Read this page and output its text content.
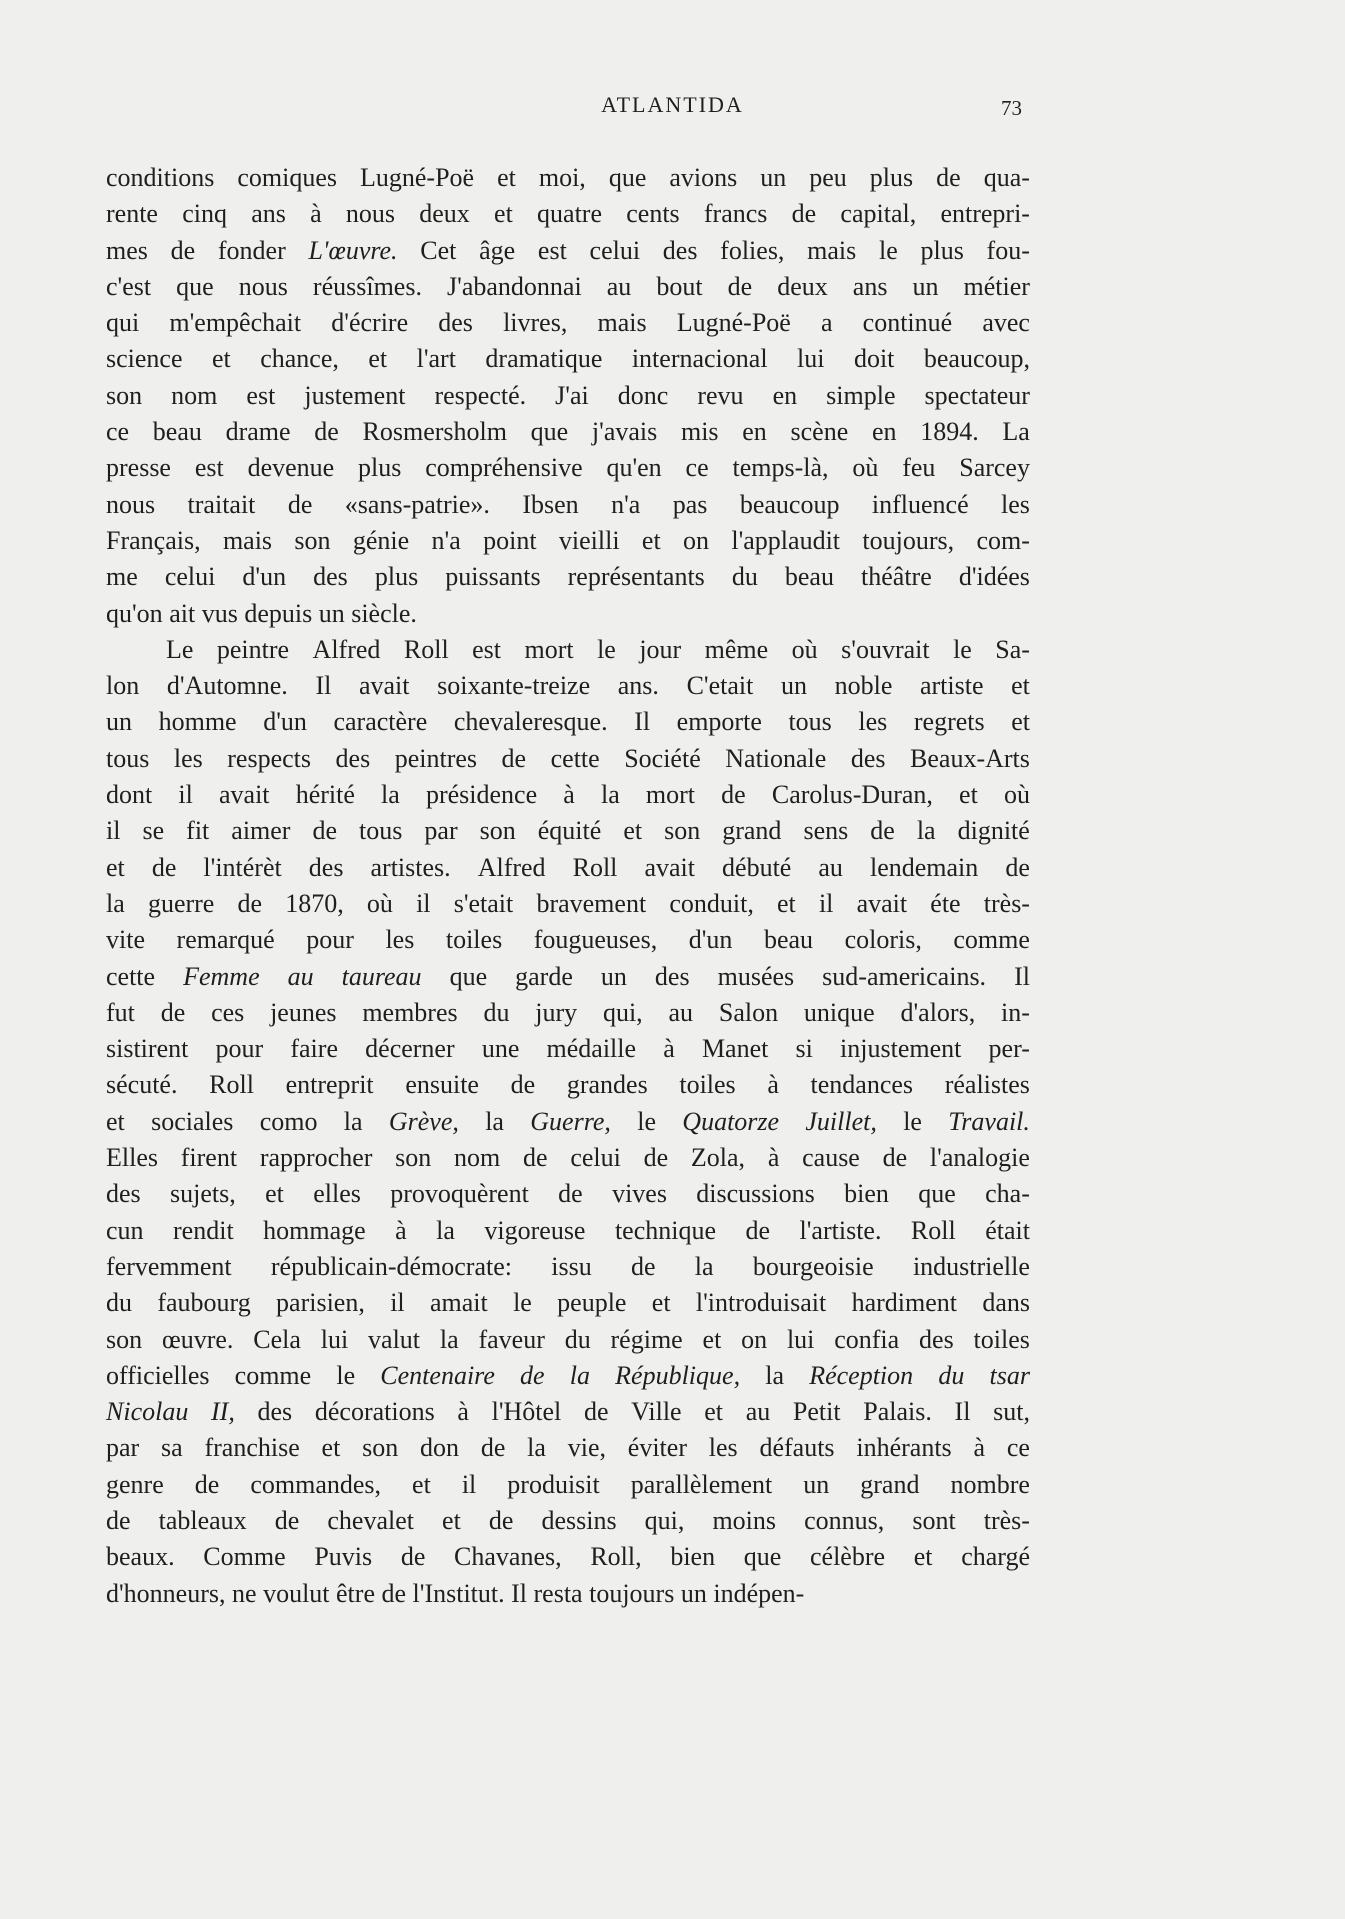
ATLANTIDA	73
conditions comiques Lugné-Poë et moi, que avions un peu plus de qua-
rente cinq ans à nous deux et quatre cents francs de capital, entrepri-
mes de fonder L'œuvre. Cet âge est celui des folies, mais le plus fou-
c'est que nous réussîmes. J'abandonnai au bout de deux ans un métier
qui m'empêchait d'écrire des livres, mais Lugné-Poë a continué avec
science et chance, et l'art dramatique internacional lui doit beaucoup,
son nom est justement respecté. J'ai donc revu en simple spectateur
ce beau drame de Rosmersholm que j'avais mis en scène en 1894. La
presse est devenue plus compréhensive qu'en ce temps-là, où feu Sarcey
nous traitait de «sans-patrie». Ibsen n'a pas beaucoup influencé les
Français, mais son génie n'a point vieilli et on l'applaudit toujours, com-
me celui d'un des plus puissants représentants du beau théâtre d'idées
qu'on ait vus depuis un siècle.
Le peintre Alfred Roll est mort le jour même où s'ouvrait le Sa-
lon d'Automne. Il avait soixante-treize ans. C'etait un noble artiste et
un homme d'un caractère chevaleresque. Il emporte tous les regrets et
tous les respects des peintres de cette Société Nationale des Beaux-Arts
dont il avait hérité la présidence à la mort de Carolus-Duran, et où
il se fit aimer de tous par son équité et son grand sens de la dignité
et de l'intérèt des artistes. Alfred Roll avait débuté au lendemain de
la guerre de 1870, où il s'etait bravement conduit, et il avait éte très-
vite remarqué pour les toiles fougueuses, d'un beau coloris, comme
cette Femme au taureau que garde un des musées sud-americains. Il
fut de ces jeunes membres du jury qui, au Salon unique d'alors, in-
sistirent pour faire décerner une médaille à Manet si injustement per-
sécuté. Roll entreprit ensuite de grandes toiles à tendances réalistes
et sociales como la Grève, la Guerre, le Quatorze Juillet, le Travail.
Elles firent rapprocher son nom de celui de Zola, à cause de l'analogie
des sujets, et elles provoquèrent de vives discussions bien que cha-
cun rendit hommage à la vigoreuse technique de l'artiste. Roll était
fervemment républicain-démocrate: issu de la bourgeoisie industrielle
du faubourg parisien, il amait le peuple et l'introduisait hardiment dans
son œuvre. Cela lui valut la faveur du régime et on lui confia des toiles
officielles comme le Centenaire de la République, la Réception du tsar
Nicolau II, des décorations à l'Hôtel de Ville et au Petit Palais. Il sut,
par sa franchise et son don de la vie, éviter les défauts inhérants à ce
genre de commandes, et il produisit parallèlement un grand nombre
de tableaux de chevalet et de dessins qui, moins connus, sont très-
beaux. Comme Puvis de Chavanes, Roll, bien que célèbre et chargé
d'honneurs, ne voulut être de l'Institut. Il resta toujours un indépen-
